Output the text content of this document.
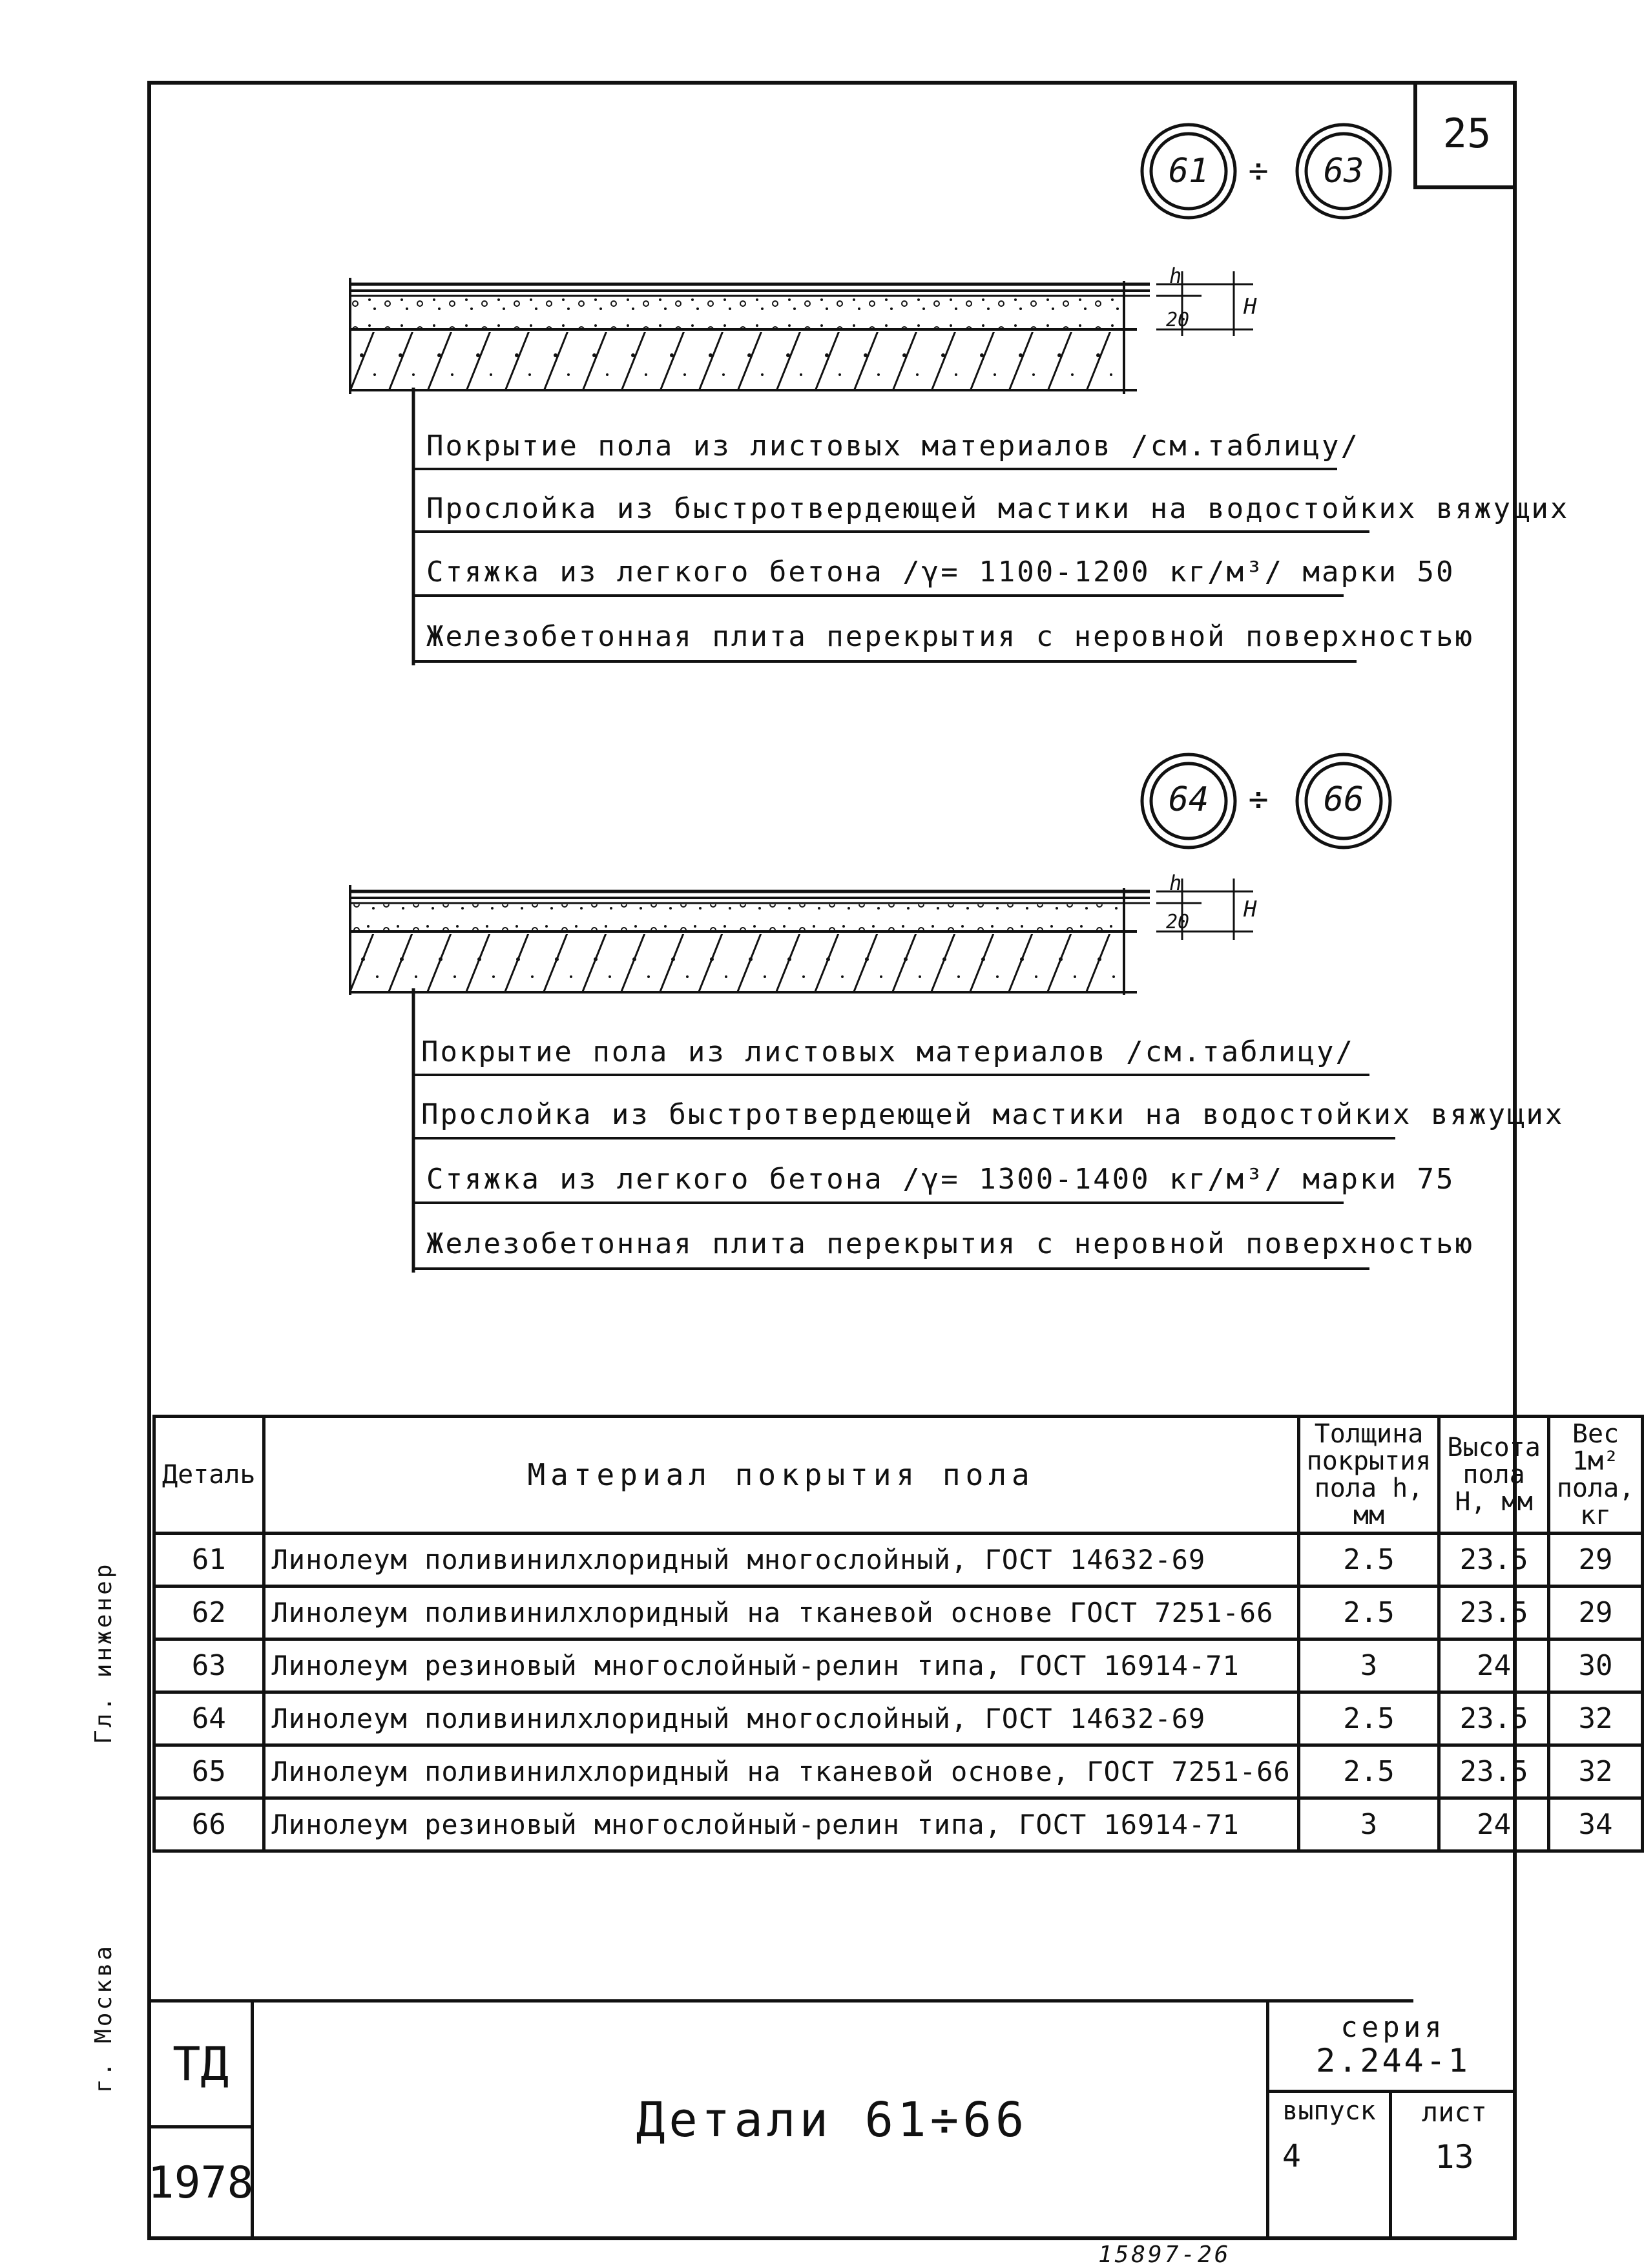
25
61 ÷ 63
h
20
H
Покрытие пола из листовых материалов /см.таблицу/
Прослойка из быстротвердеющей мастики на водостойких вяжущих
Стяжка из легкого бетона /γ= 1100-1200 кг/м³/ марки 50
Железобетонная плита перекрытия с неровной поверхностью
64 ÷ 66
h
20 H
Покрытие пола из листовых материалов /см.таблицу/
Прослойка из быстротвердеющей мастики на водостойких вяжущих
Стяжка из легкого бетона /γ= 1300-1400 кг/м³/ марки 75
Железобетонная плита перекрытия с неровной поверхностью
Деталь	Материал покрытия пола	Толщина покрытия пола h, мм	Высота пола H, мм	Вес 1м² пола, кг
61	Линолеум поливинилхлоридный многослойный, ГОСТ 14632-69	2.5	23.5	29
62	Линолеум поливинилхлоридный на тканевой основе ГОСТ 7251-66	2.5	23.5	29
63	Линолеум резиновый многослойный-релин типа, ГОСТ 16914-71	3	24	30
64	Линолеум поливинилхлоридный многослойный, ГОСТ 14632-69	2.5	23.5	32
65	Линолеум поливинилхлоридный на тканевой основе, ГОСТ 7251-66	2.5	23.5	32
66	Линолеум резиновый многослойный-релин типа, ГОСТ 16914-71	3	24	34
Гл. инженер
г. Москва	ТД
1978
Детали 61÷66
серия
2.244-1
выпуск
4
лист
13
15897-26
